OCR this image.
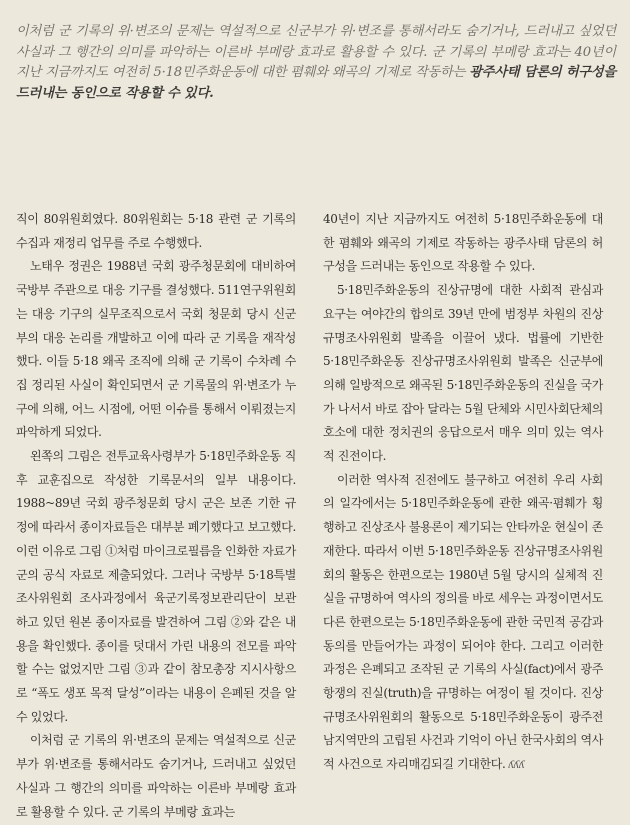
이처럼 군 기록의 위·변조의 문제는 역설적으로 신군부가 위·변조를 통해서라도 숨기거나, 드러내고 싶었던 사실과 그 행간의 의미를 파악하는 이른바 부메랑 효과로 활용할 수 있다. 군 기록의 부메랑 효과는 40년이 지난 지금까지도 여전히 5·18민주화운동에 대한 폄훼와 왜곡의 기제로 작동하는 광주사태 담론의 허구성을 드러내는 동인으로 작용할 수 있다.

직이 80위원회였다. 80위원회는 5·18 관련 군 기록의 수집과 재정리 업무를 주로 수행했다.

노태우 정권은 1988년 국회 광주청문회에 대비하여 국방부 주관으로 대응 기구를 결성했다. 511연구위원회는 대응 기구의 실무조직으로서 국회 청문회 당시 신군부의 대응 논리를 개발하고 이에 따라 군 기록을 재작성했다. 이들 5·18 왜곡 조직에 의해 군 기록이 수차례 수집 정리된 사실이 확인되면서 군 기록물의 위·변조가 누구에 의해, 어느 시점에, 어떤 이슈를 통해서 이뤄졌는지 파악하게 되었다.

왼쪽의 그림은 전투교육사령부가 5·18민주화운동 직후 교훈집으로 작성한 기록문서의 일부 내용이다. 1988~89년 국회 광주청문회 당시 군은 보존 기한 규정에 따라서 종이자료들은 대부분 폐기했다고 보고했다. 이런 이유로 그림 ①처럼 마이크로필름을 인화한 자료가 군의 공식 자료로 제출되었다. 그러나 국방부 5·18특별조사위원회 조사과정에서 육군기록정보관리단이 보관하고 있던 원본 종이자료를 발견하여 그림 ②와 같은 내용을 확인했다. 종이를 덧대서 가린 내용의 전모를 파악할 수는 없었지만 그림 ③과 같이 참모총장 지시사항으로 “폭도 생포 목적 달성”이라는 내용이 은폐된 것을 알 수 있었다.

이처럼 군 기록의 위·변조의 문제는 역설적으로 신군부가 위·변조를 통해서라도 숨기거나, 드러내고 싶었던 사실과 그 행간의 의미를 파악하는 이른바 부메랑 효과로 활용할 수 있다. 군 기록의 부메랑 효과는

40년이 지난 지금까지도 여전히 5·18민주화운동에 대한 폄훼와 왜곡의 기제로 작동하는 광주사태 담론의 허구성을 드러내는 동인으로 작용할 수 있다.

5·18민주화운동의 진상규명에 대한 사회적 관심과 요구는 여야간의 합의로 39년 만에 범정부 차원의 진상규명조사위원회 발족을 이끌어 냈다. 법률에 기반한 5·18민주화운동 진상규명조사위원회 발족은 신군부에 의해 일방적으로 왜곡된 5·18민주화운동의 진실을 국가가 나서서 바로 잡아 달라는 5월 단체와 시민사회단체의 호소에 대한 정치권의 응답으로서 매우 의미 있는 역사적 진전이다.

이러한 역사적 진전에도 불구하고 여전히 우리 사회의 일각에서는 5·18민주화운동에 관한 왜곡·폄훼가 횡행하고 진상조사 불용론이 제기되는 안타까운 현실이 존재한다. 따라서 이번 5·18민주화운동 진상규명조사위원회의 활동은 한편으로는 1980년 5월 당시의 실체적 진실을 규명하여 역사의 정의를 바로 세우는 과정이면서도 다른 한편으로는 5·18민주화운동에 관한 국민적 공감과 동의를 만들어가는 과정이 되어야 한다. 그리고 이러한 과정은 은폐되고 조작된 군 기록의 사실(fact)에서 광주항쟁의 진실(truth)을 규명하는 여정이 될 것이다. 진상규명조사위원회의 활동으로 5·18민주화운동이 광주전남지역만의 고립된 사건과 기억이 아닌 한국사회의 역사적 사건으로 자리매김되길 기대한다. ʎʎʎ
